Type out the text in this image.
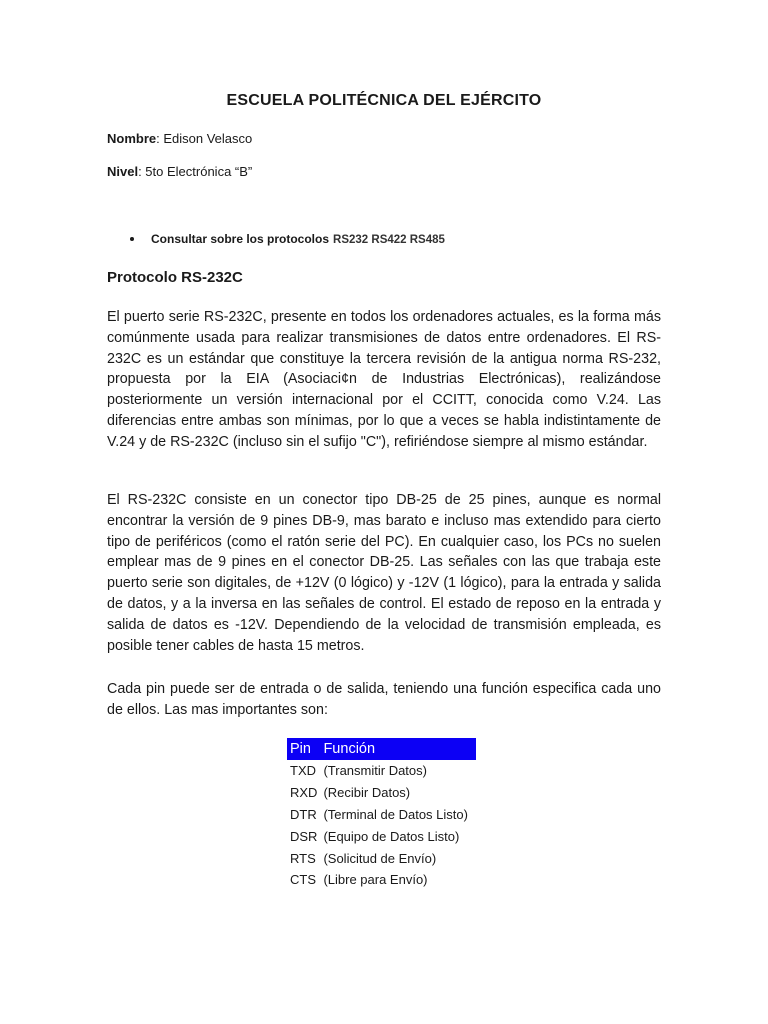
ESCUELA POLITÉCNICA DEL EJÉRCITO
Nombre: Edison Velasco
Nivel: 5to Electrónica “B”
Consultar sobre los protocolos RS232 RS422 RS485
Protocolo RS-232C

El puerto serie RS-232C, presente en todos los ordenadores actuales, es la forma más comúnmente usada para realizar transmisiones de datos entre ordenadores. El RS-232C es un estándar que constituye la tercera revisión de la antigua norma RS-232, propuesta por la EIA (Asociaci¢n de Industrias Electrónicas), realizándose posteriormente un versión internacional por el CCITT, conocida como V.24. Las diferencias entre ambas son mínimas, por lo que a veces se habla indistintamente de V.24 y de RS-232C (incluso sin el sufijo "C"), refiriéndose siempre al mismo estándar.

El RS-232C consiste en un conector tipo DB-25 de 25 pines, aunque es normal encontrar la versión de 9 pines DB-9, mas barato e incluso mas extendido para cierto tipo de periféricos (como el ratón serie del PC). En cualquier caso, los PCs no suelen emplear mas de 9 pines en el conector DB-25. Las señales con las que trabaja este puerto serie son digitales, de +12V (0 lógico) y -12V (1 lógico), para la entrada y salida de datos, y a la inversa en las señales de control. El estado de reposo en la entrada y salida de datos es -12V. Dependiendo de la velocidad de transmisión empleada, es posible tener cables de hasta 15 metros.

Cada pin puede ser de entrada o de salida, teniendo una función especifica cada uno de ellos. Las mas importantes son:

Pin	Función
TXD	(Transmitir Datos)
RXD	(Recibir Datos)
DTR	(Terminal de Datos Listo)
DSR	(Equipo de Datos Listo)
RTS	(Solicitud de Envío)
CTS	(Libre para Envío)
